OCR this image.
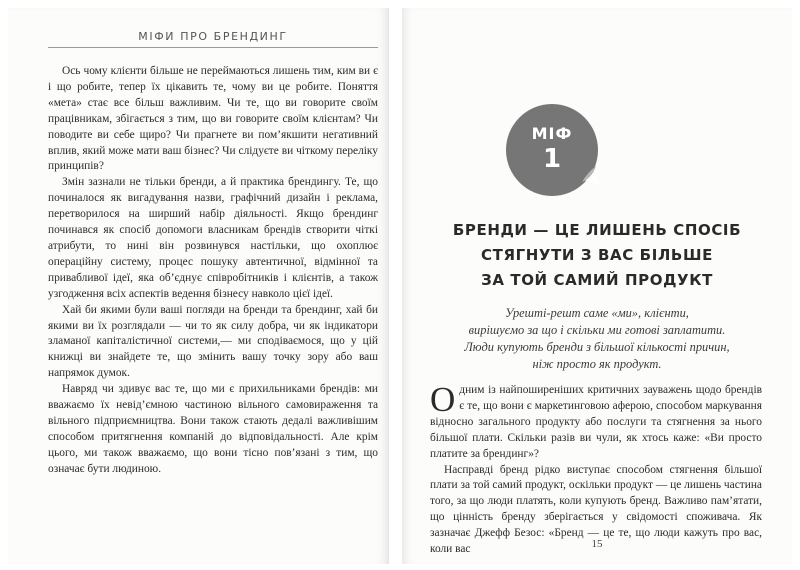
МІФИ ПРО БРЕНДИНГ

Ось чому клієнти більше не переймаються лишень тим, ким ви є і що робите, тепер їх цікавить те, чому ви це робите. Поняття «мета» стає все більш важливим. Чи те, що ви говорите своїм працівникам, збігається з тим, що ви говорите своїм клієнтам? Чи поводите ви себе щиро? Чи прагнете ви пом’якшити негативний вплив, який може мати ваш бізнес? Чи слідуєте ви чіткому переліку принципів?

Змін зазнали не тільки бренди, а й практика брендингу. Те, що починалося як вигадування назви, графічний дизайн і реклама, перетворилося на ширший набір діяльності. Якщо брендинг починався як спосіб допомоги власникам брендів створити чіткі атрибути, то нині він розвинувся настільки, що охоплює операційну систему, процес пошуку автентичної, відмінної та привабливої ідеї, яка об’єднує співробітників і клієнтів, а також узгодження всіх аспектів ведення бізнесу навколо цієї ідеї.

Хай би якими були ваші погляди на бренди та брендинг, хай би якими ви їх розглядали — чи то як силу добра, чи як індикатори зламаної капіталістичної системи,— ми сподіваємося, що у цій книжці ви знайдете те, що змінить вашу точку зору або ваш напрямок думок.

Навряд чи здивує вас те, що ми є прихильниками брендів: ми вважаємо їх невід’ємною частиною вільного самовираження та вільного підприємництва. Вони також стають дедалі важливішим способом притягнення компаній до відповідальності. Але крім цього, ми також вважаємо, що вони тісно пов’язані з тим, що означає бути людиною.

МІФ
1
БРЕНДИ — ЦЕ ЛИШЕНЬ СПОСІБ
СТЯГНУТИ З ВАС БІЛЬШЕ
ЗА ТОЙ САМИЙ ПРОДУКТ
Урешті-решт саме «ми», клієнти,
вирішуємо за що і скільки ми готові заплатити.
Люди купують бренди з більшої кількості причин,
ніж просто як продукт.

Одним із найпоширеніших критичних зауважень щодо брендів є те, що вони є маркетинговою аферою, способом маркування відносно загального продукту або послуги та стягнення за нього більшої плати. Скільки разів ви чули, як хтось каже: «Ви просто платите за брендинг»?

Насправді бренд рідко виступає способом стягнення більшої плати за той самий продукт, оскільки продукт — це лишень частина того, за що люди платять, коли купують бренд. Важливо пам’ятати, що цінність бренду зберігається у свідомості споживача. Як зазначає Джефф Безос: «Бренд — це те, що люди кажуть про вас, коли вас	15
